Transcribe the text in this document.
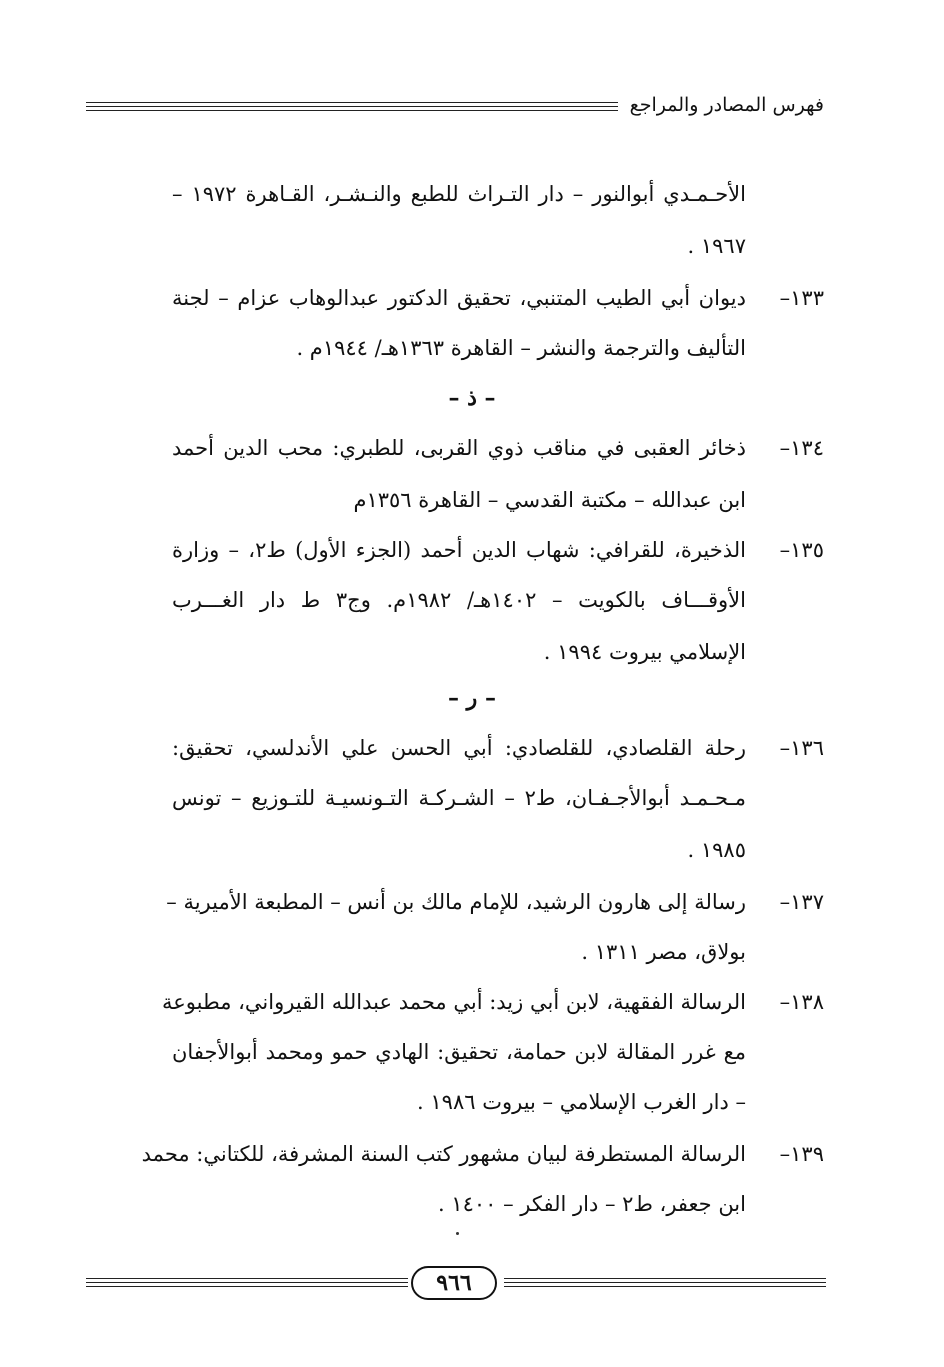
فهرس المصادر والمراجع
الأحـمـدي أبوالنور – دار التـراث للطبع والنـشـر، القـاهرة ١٩٧٢ –
١٩٦٧ .
١٣٣–
ديوان أبي الطيب المتنبي، تحقيق الدكتور عبدالوهاب عزام – لجنة
التأليف والترجمة والنشر – القاهرة ١٣٦٣هـ/ ١٩٤٤م .
– ذ –
١٣٤–
ذخائر العقبى في مناقب ذوي القربى، للطبري: محب الدين أحمد
ابن عبدالله – مكتبة القدسي – القاهرة ١٣٥٦م
١٣٥–
الذخيرة، للقرافي: شهاب الدين أحمد (الجزء الأول) ط٢، – وزارة
الأوقـــاف بالكويت – ١٤٠٢هـ/ ١٩٨٢م. وج٣ ط دار الغـــرب
الإسلامي بيروت ١٩٩٤ .
– ر –
١٣٦–
رحلة القلصادي، للقلصادي: أبي الحسن علي الأندلسي، تحقيق:
مـحـمـد أبوالأجـفـان، ط٢ – الشـركـة التـونسيـة للتـوزيع – تونس
١٩٨٥ .
١٣٧–
رسالة إلى هارون الرشيد، للإمام مالك بن أنس – المطبعة الأميرية –
بولاق، مصر ١٣١١ .
١٣٨–
الرسالة الفقهية، لابن أبي زيد: أبي محمد عبدالله القيرواني، مطبوعة
مع غرر المقالة لابن حمامة، تحقيق: الهادي حمو ومحمد أبوالأجفان
– دار الغرب الإسلامي – بيروت ١٩٨٦ .
١٣٩–
الرسالة المستطرفة لبيان مشهور كتب السنة المشرفة، للكتاني: محمد
ابن جعفر، ط٢ – دار الفكر – ١٤٠٠ .
٩٦٦
